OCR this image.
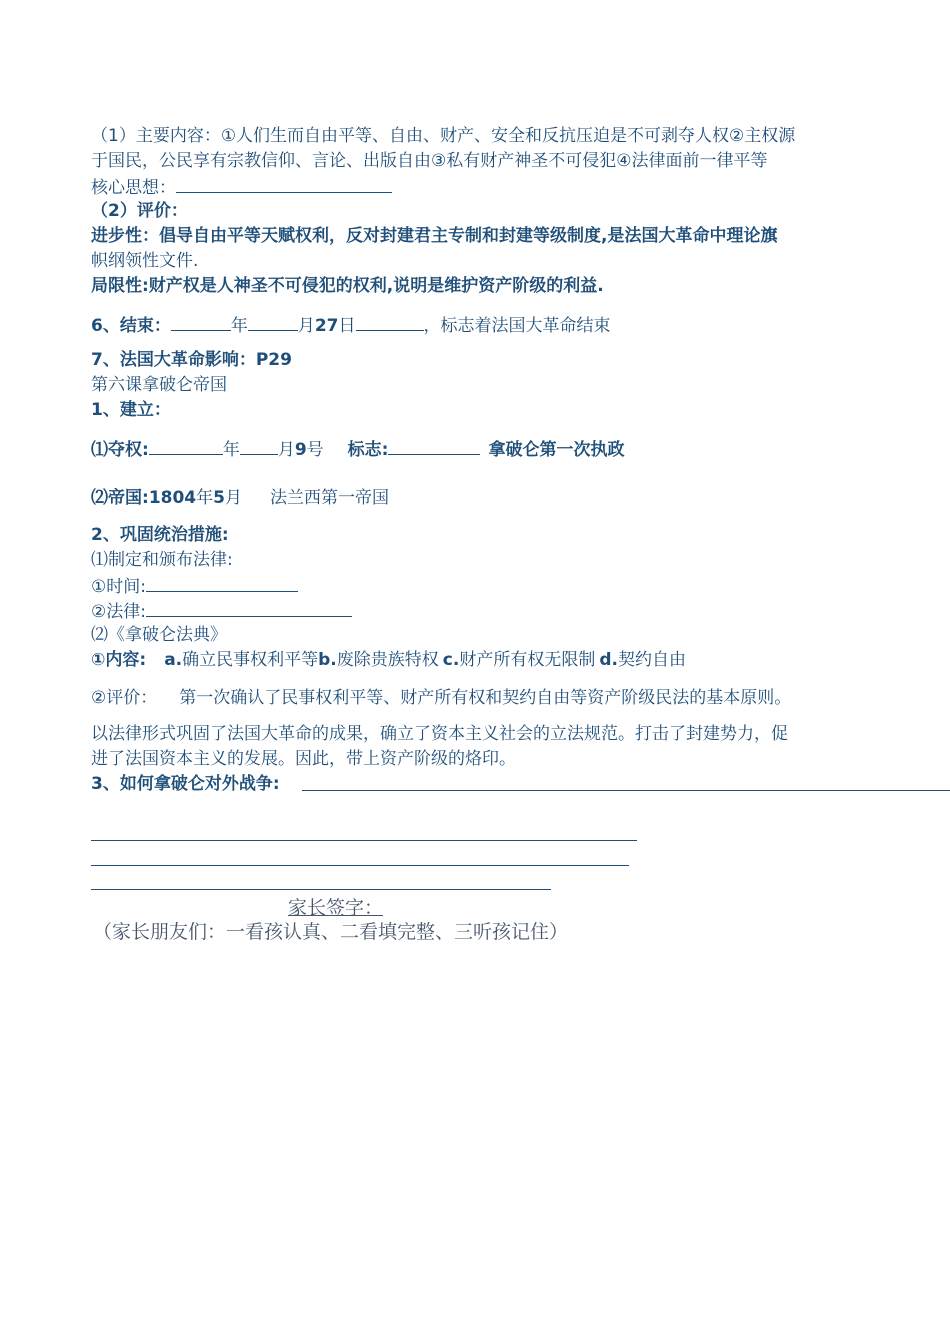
（1）主要内容：①人们生而自由平等、自由、财产、安全和反抗压迫是不可剥夺人权②主权源
于国民，公民享有宗教信仰、言论、出版自由③私有财产神圣不可侵犯④法律面前一律平等
核心思想：
（2）评价：
进步性：倡导自由平等天赋权利，反对封建君主专制和封建等级制度,是法国大革命中理论旗
帜纲领性文件.
局限性:财产权是人神圣不可侵犯的权利,说明是维护资产阶级的利益.
6、结束：	年	月27日	，标志着法国大革命结束
7、法国大革命影响：P29
第六课拿破仑帝国
1、建立：
⑴夺权:	年 月9号 标志:	拿破仑第一次执政
⑵帝国:1804年5月 法兰西第一帝国
2、巩固统治措施:
⑴制定和颁布法律:
①时间:
②法律:
⑵《拿破仑法典》
①内容: a.确立民事权利平等b.废除贵族特权 c.财产所有权无限制 d.契约自由
②评价： 第一次确认了民事权利平等、财产所有权和契约自由等资产阶级民法的基本原则。
以法律形式巩固了法国大革命的成果，确立了资本主义社会的立法规范。打击了封建势力，促
进了法国资本主义的发展。因此，带上资产阶级的烙印。
3、如何拿破仑对外战争:
家长签字：
（家长朋友们：一看孩认真、二看填完整、三听孩记住）
